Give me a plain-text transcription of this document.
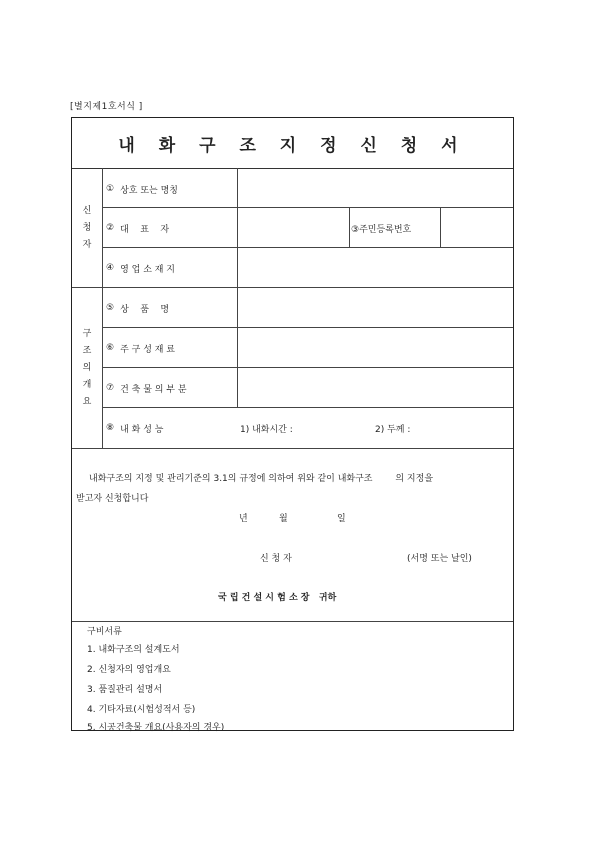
[별지제1호서식 ]
내 화 구 조 지 정 신 청 서
신
청
자
① 상호 또는 명칭
② 대    표    자	③주민등록번호
④ 영 업 소 재 지
구
조
의
개
요
⑤ 상    품    명
⑥ 주 구 성 재 료
⑦ 건 축 물 의 부 분
⑧ 내 화 성 능	1) 내화시간 :	2) 두께 :
내화구조의 지정 및 관리기준의 3.1의 규정에 의하여 위와 같이 내화구조        의 지정을
받고자 신청합니다
년	월	일
신 청 자	(서명 또는 날인)
국 립 건 설 시 험 소 장   귀하
구비서류
1. 내화구조의 설계도서
2. 신청자의 영업개요
3. 품질관리 설명서
4. 기타자료(시험성적서 등)
5. 시공건축물 개요(사용자의 경우)
